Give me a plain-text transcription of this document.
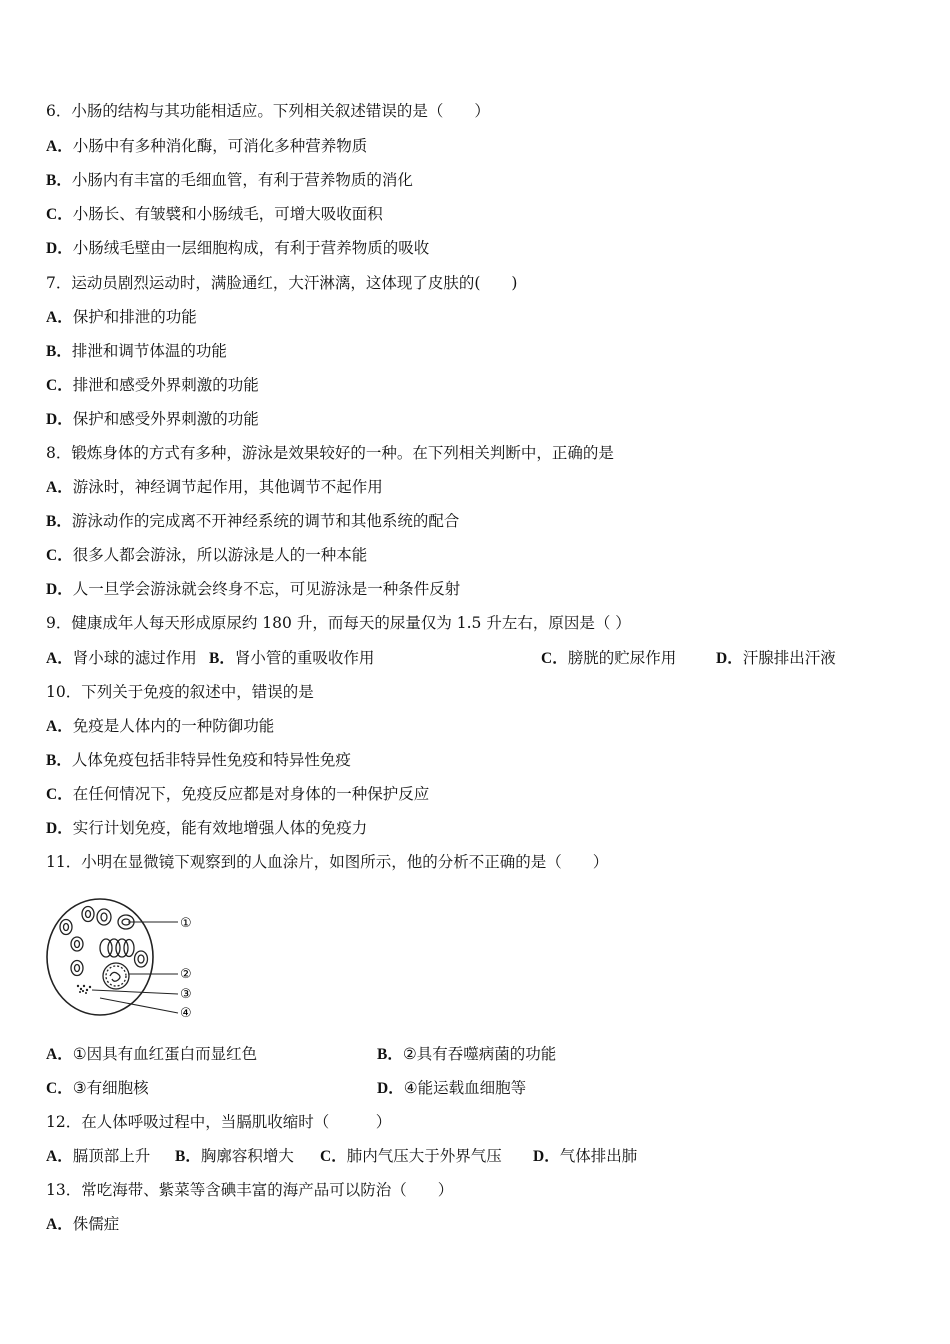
6．小肠的结构与其功能相适应。下列相关叙述错误的是（　　）
A．小肠中有多种消化酶，可消化多种营养物质
B．小肠内有丰富的毛细血管，有利于营养物质的消化
C．小肠长、有皱襞和小肠绒毛，可增大吸收面积
D．小肠绒毛壁由一层细胞构成，有利于营养物质的吸收
7．运动员剧烈运动时，满脸通红，大汗淋漓，这体现了皮肤的(　　)
A．保护和排泄的功能
B．排泄和调节体温的功能
C．排泄和感受外界刺激的功能
D．保护和感受外界刺激的功能
8．锻炼身体的方式有多种，游泳是效果较好的一种。在下列相关判断中，正确的是
A．游泳时，神经调节起作用，其他调节不起作用
B．游泳动作的完成离不开神经系统的调节和其他系统的配合
C．很多人都会游泳，所以游泳是人的一种本能
D．人一旦学会游泳就会终身不忘，可见游泳是一种条件反射
9．健康成年人每天形成原尿约 180 升，而每天的尿量仅为 1.5 升左右，原因是（ ）
A．肾小球的滤过作用 B．肾小管的重吸收作用	C．膀胱的贮尿作用	D．汗腺排出汗液
10．下列关于免疫的叙述中，错误的是
A．免疫是人体内的一种防御功能
B．人体免疫包括非特异性免疫和特异性免疫
C．在任何情况下，免疫反应都是对身体的一种保护反应
D．实行计划免疫，能有效地增强人体的免疫力
11．小明在显微镜下观察到的人血涂片，如图所示，他的分析不正确的是（　　）
①
②
③
④
A．①因具有血红蛋白而显红色	B．②具有吞噬病菌的功能
C．③有细胞核	D．④能运载血细胞等
12．在人体呼吸过程中，当膈肌收缩时（　　　）
A．膈顶部上升 B．胸廓容积增大 C．肺内气压大于外界气压 D．气体排出肺
13．常吃海带、紫菜等含碘丰富的海产品可以防治（　　）
A．侏儒症
